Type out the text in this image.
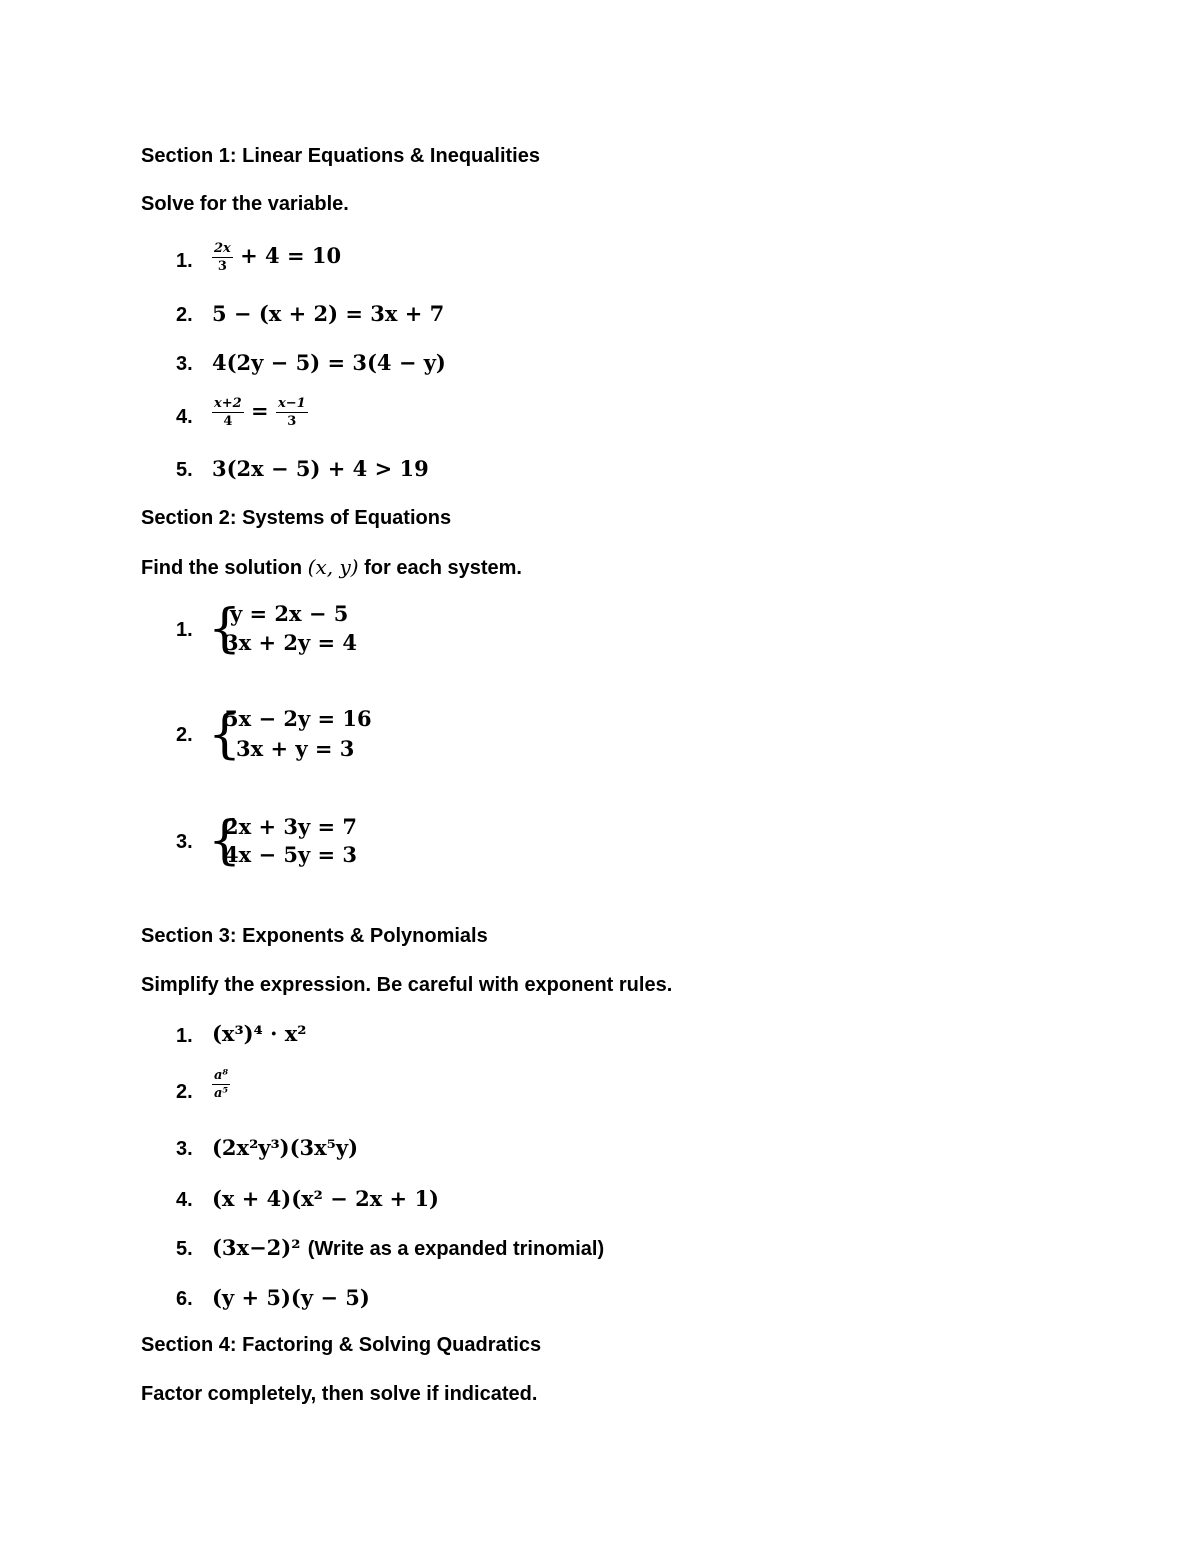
Section 1: Linear Equations & Inequalities
Solve for the variable.
1. $\frac{2x}{3} + 4 = 10$
2. 5 − (x + 2) = 3x + 7
3. 4(2y − 5) = 3(4 − y)
4. $\frac{x+2}{4} = \frac{x-1}{3}$
5. 3(2x − 5) + 4 > 19
Section 2: Systems of Equations
Find the solution (x, y) for each system.
1. {
y = 2x − 5
3x + 2y = 4
2. {
5x − 2y = 16
3x + y = 3
3. {
2x + 3y = 7
4x − 5y = 3
Section 3: Exponents & Polynomials
Simplify the expression. Be careful with exponent rules.
1. (x³)⁴ · x²
2. $\frac{\text{a⁸}}{\text{a⁵}}$
3. (2x²y³)(3x⁵y)
4. (x + 4)(x² − 2x + 1)
5. (3x−2)² (Write as a expanded trinomial)
6. (y + 5)(y − 5)
Section 4: Factoring & Solving Quadratics
Factor completely, then solve if indicated.
